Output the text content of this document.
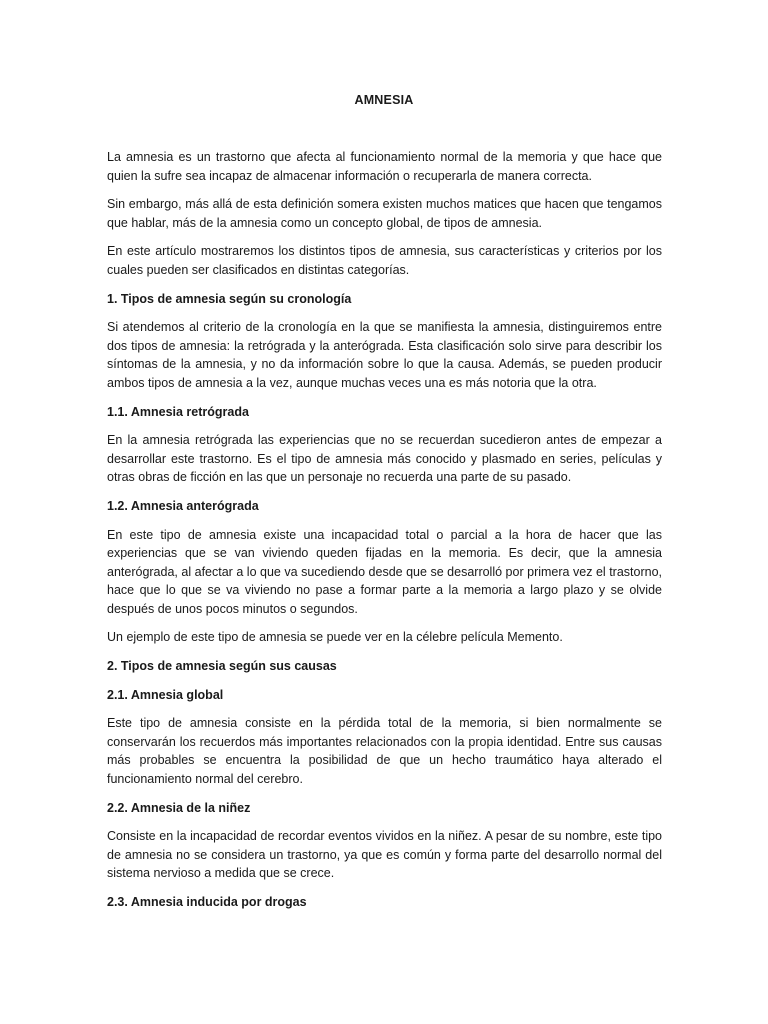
AMNESIA

La amnesia es un trastorno que afecta al funcionamiento normal de la memoria y que hace que quien la sufre sea incapaz de almacenar información o recuperarla de manera correcta.

Sin embargo, más allá de esta definición somera existen muchos matices que hacen que tengamos que hablar, más de la amnesia como un concepto global, de tipos de amnesia.

En este artículo mostraremos los distintos tipos de amnesia, sus características y criterios por los cuales pueden ser clasificados en distintas categorías.

1. Tipos de amnesia según su cronología

Si atendemos al criterio de la cronología en la que se manifiesta la amnesia, distinguiremos entre dos tipos de amnesia: la retrógrada y la anterógrada. Esta clasificación solo sirve para describir los síntomas de la amnesia, y no da información sobre lo que la causa. Además, se pueden producir ambos tipos de amnesia a la vez, aunque muchas veces una es más notoria que la otra.

1.1. Amnesia retrógrada

En la amnesia retrógrada las experiencias que no se recuerdan sucedieron antes de empezar a desarrollar este trastorno. Es el tipo de amnesia más conocido y plasmado en series, películas y otras obras de ficción en las que un personaje no recuerda una parte de su pasado.

1.2. Amnesia anterógrada

En este tipo de amnesia existe una incapacidad total o parcial a la hora de hacer que las experiencias que se van viviendo queden fijadas en la memoria. Es decir, que la amnesia anterógrada, al afectar a lo que va sucediendo desde que se desarrolló por primera vez el trastorno, hace que lo que se va viviendo no pase a formar parte a la memoria a largo plazo y se olvide después de unos pocos minutos o segundos.

Un ejemplo de este tipo de amnesia se puede ver en la célebre película Memento.

2. Tipos de amnesia según sus causas
2.1. Amnesia global

Este tipo de amnesia consiste en la pérdida total de la memoria, si bien normalmente se conservarán los recuerdos más importantes relacionados con la propia identidad. Entre sus causas más probables se encuentra la posibilidad de que un hecho traumático haya alterado el funcionamiento normal del cerebro.

2.2. Amnesia de la niñez

Consiste en la incapacidad de recordar eventos vividos en la niñez. A pesar de su nombre, este tipo de amnesia no se considera un trastorno, ya que es común y forma parte del desarrollo normal del sistema nervioso a medida que se crece.

2.3. Amnesia inducida por drogas
